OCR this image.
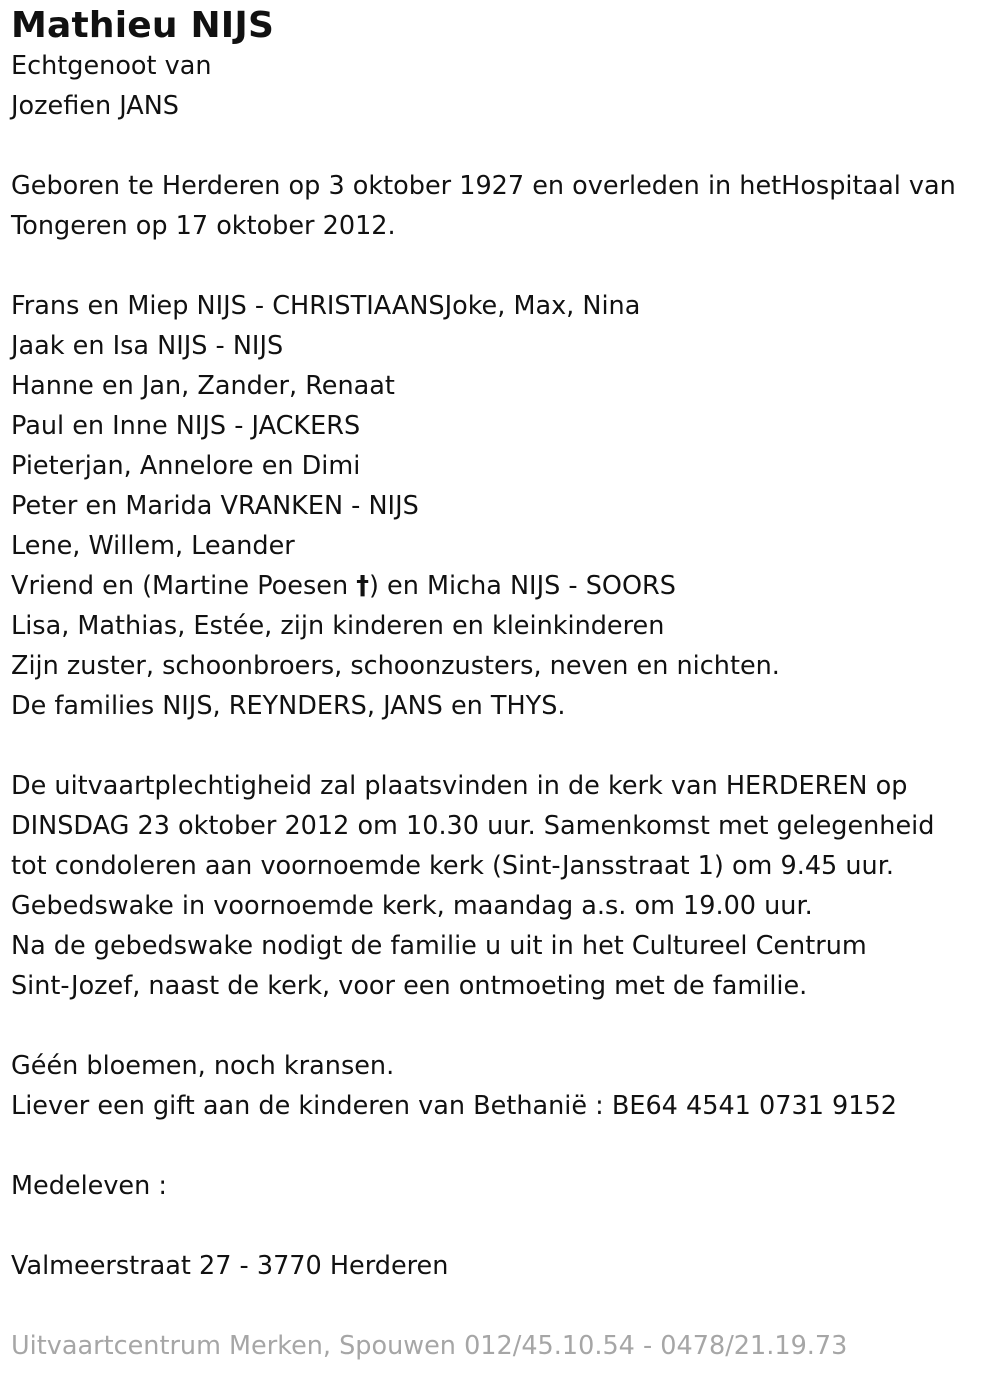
Mathieu NIJS
Echtgenoot van
Jozefien JANS
Geboren te Herderen op 3 oktober 1927 en overleden in hetHospitaal van
Tongeren op 17 oktober 2012.
Frans en Miep NIJS - CHRISTIAANSJoke, Max, Nina
Jaak en Isa NIJS - NIJS
Hanne en Jan, Zander, Renaat
Paul en Inne NIJS - JACKERS
Pieterjan, Annelore en Dimi
Peter en Marida VRANKEN - NIJS
Lene, Willem, Leander
Vriend en (Martine Poesen †) en Micha NIJS - SOORS
Lisa, Mathias, Estée, zijn kinderen en kleinkinderen
Zijn zuster, schoonbroers, schoonzusters, neven en nichten.
De families NIJS, REYNDERS, JANS en THYS.
De uitvaartplechtigheid zal plaatsvinden in de kerk van HERDEREN op
DINSDAG 23 oktober 2012 om 10.30 uur. Samenkomst met gelegenheid
tot condoleren aan voornoemde kerk (Sint-Jansstraat 1) om 9.45 uur.
Gebedswake in voornoemde kerk, maandag a.s. om 19.00 uur.
Na de gebedswake nodigt de familie u uit in het Cultureel Centrum
Sint-Jozef, naast de kerk, voor een ontmoeting met de familie.
Géén bloemen, noch kransen.
Liever een gift aan de kinderen van Bethanië : BE64 4541 0731 9152
Medeleven :
Valmeerstraat 27 - 3770 Herderen
Uitvaartcentrum Merken, Spouwen 012/45.10.54 - 0478/21.19.73
